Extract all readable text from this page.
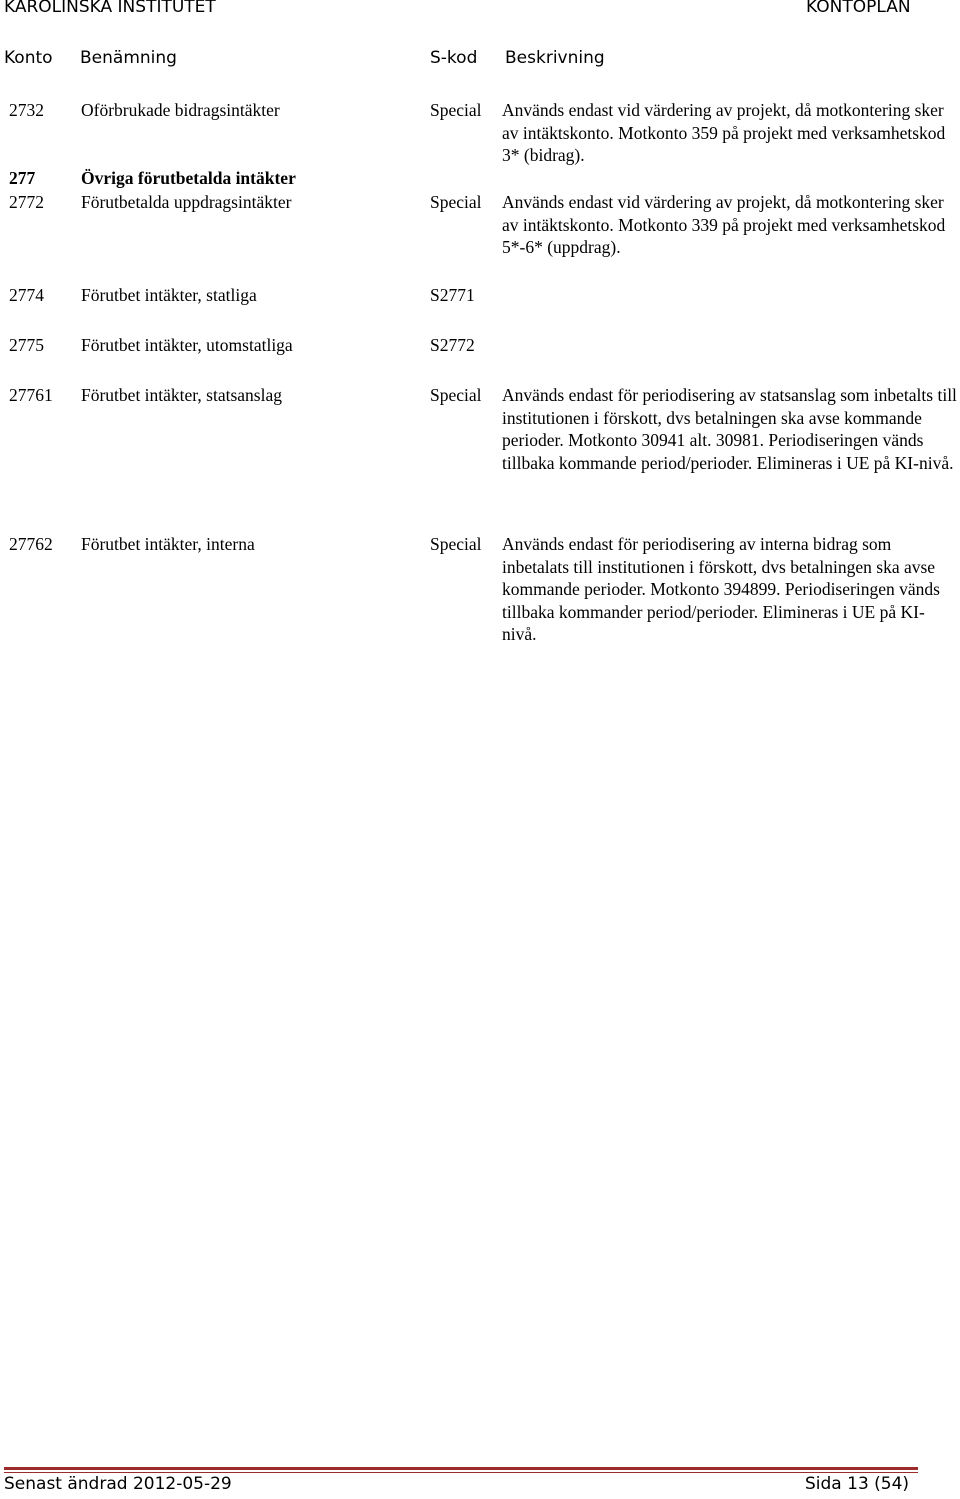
KAROLINSKA INSTITUTET	KONTOPLAN
Konto Benämning	S-kod Beskrivning
2732 Oförbrukade bidragsintäkter	Special Används endast vid värdering av projekt, då motkontering sker av intäktskonto. Motkonto 359 på projekt med verksamhetskod 3* (bidrag).
277	Övriga förutbetalda intäkter
2772 Förutbetalda uppdragsintäkter	Special Används endast vid värdering av projekt, då motkontering sker av intäktskonto. Motkonto 339 på projekt med verksamhetskod 5*-6* (uppdrag).
2774 Förutbet intäkter, statliga	S2771
2775 Förutbet intäkter, utomstatliga	S2772
27761 Förutbet intäkter, statsanslag	Special Används endast för periodisering av statsanslag som inbetalts till institutionen i förskott, dvs betalningen ska avse kommande perioder. Motkonto 30941 alt. 30981. Periodiseringen vänds tillbaka kommande period/perioder. Elimineras i UE på KI-nivå.
27762 Förutbet intäkter, interna	Special Används endast för periodisering av interna bidrag som inbetalats till institutionen i förskott, dvs betalningen ska avse kommande perioder. Motkonto 394899. Periodiseringen vänds tillbaka kommander period/perioder. Elimineras i UE på KI-nivå.
Senast ändrad 2012-05-29	Sida 13 (54)
